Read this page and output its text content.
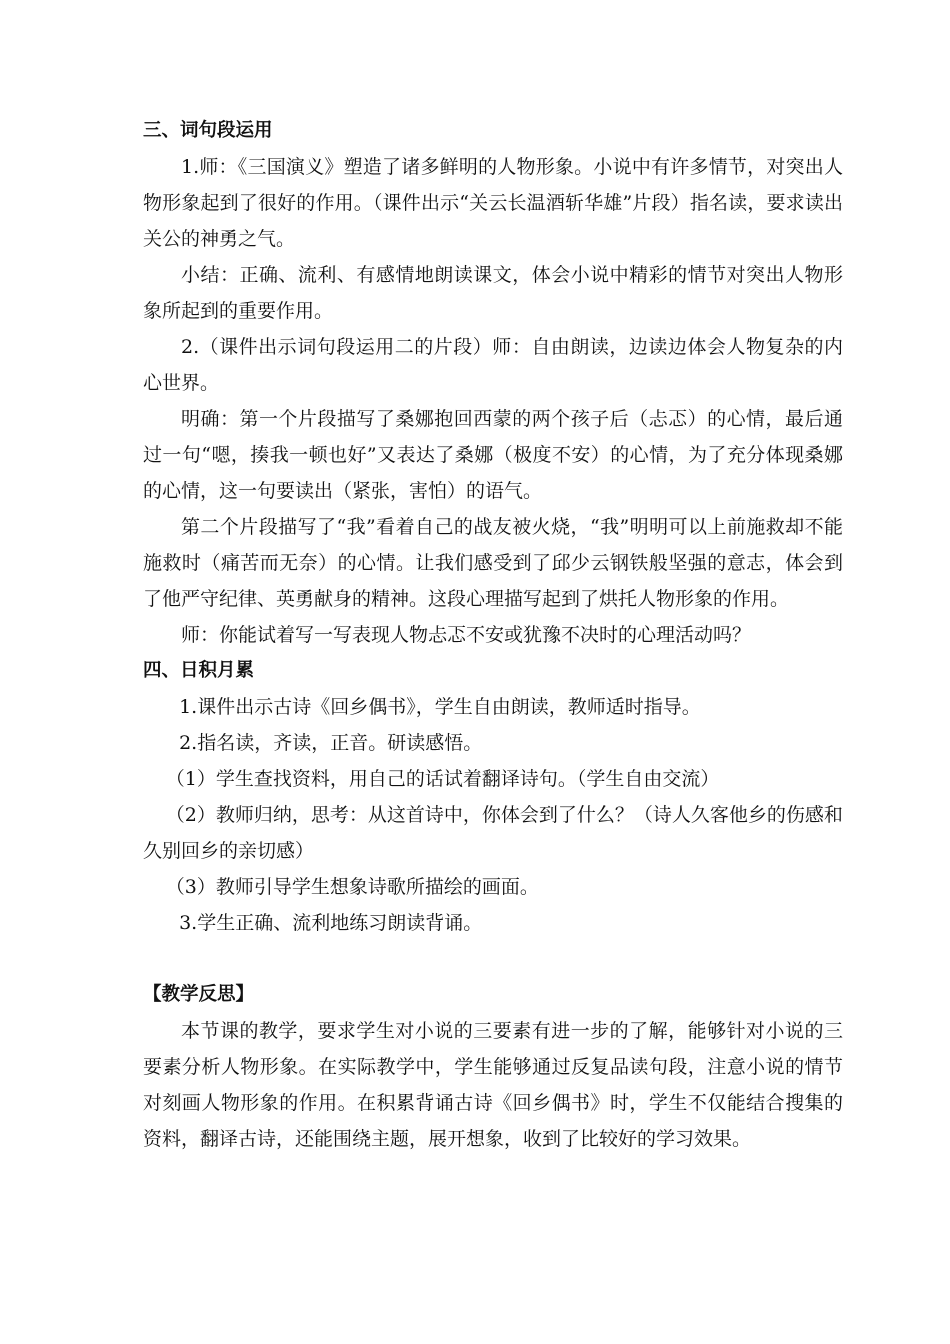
三、词句段运用

1.师：《三国演义》塑造了诸多鲜明的人物形象。小说中有许多情节，对突出人物形象起到了很好的作用。（课件出示“关云长温酒斩华雄”片段）指名读，要求读出关公的神勇之气。

小结：正确、流利、有感情地朗读课文，体会小说中精彩的情节对突出人物形象所起到的重要作用。

2.（课件出示词句段运用二的片段）师：自由朗读，边读边体会人物复杂的内心世界。

明确：第一个片段描写了桑娜抱回西蒙的两个孩子后（忐忑）的心情，最后通过一句“嗯，揍我一顿也好”又表达了桑娜（极度不安）的心情，为了充分体现桑娜的心情，这一句要读出（紧张，害怕）的语气。

第二个片段描写了“我”看着自己的战友被火烧，“我”明明可以上前施救却不能施救时（痛苦而无奈）的心情。让我们感受到了邱少云钢铁般坚强的意志，体会到了他严守纪律、英勇献身的精神。这段心理描写起到了烘托人物形象的作用。

师：你能试着写一写表现人物忐忑不安或犹豫不决时的心理活动吗？

四、日积月累

1.课件出示古诗《回乡偶书》，学生自由朗读，教师适时指导。

2.指名读，齐读，正音。研读感悟。

（1）学生查找资料，用自己的话试着翻译诗句。（学生自由交流）

（2）教师归纳，思考：从这首诗中，你体会到了什么？（诗人久客他乡的伤感和久别回乡的亲切感）

（3）教师引导学生想象诗歌所描绘的画面。

3.学生正确、流利地练习朗读背诵。

【教学反思】

本节课的教学，要求学生对小说的三要素有进一步的了解，能够针对小说的三要素分析人物形象。在实际教学中，学生能够通过反复品读句段，注意小说的情节对刻画人物形象的作用。在积累背诵古诗《回乡偶书》时，学生不仅能结合搜集的资料，翻译古诗，还能围绕主题，展开想象，收到了比较好的学习效果。
